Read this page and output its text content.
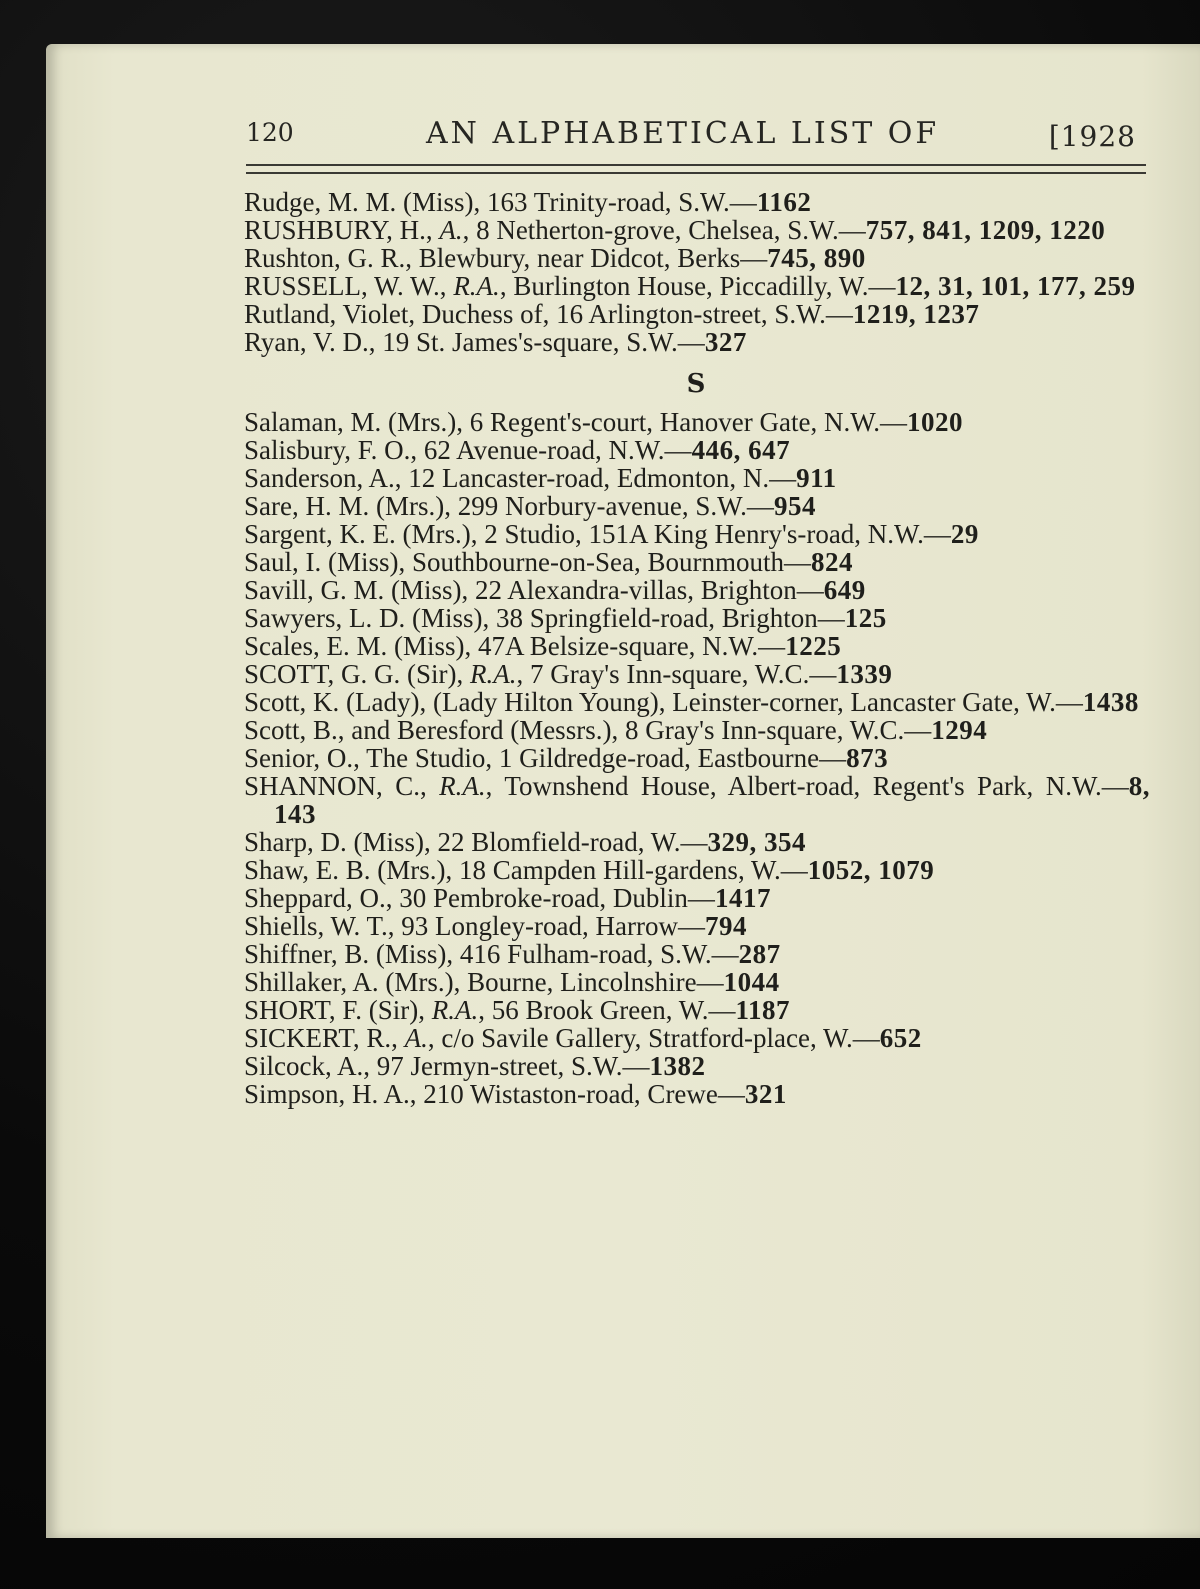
120	AN ALPHABETICAL LIST OF	[1928

Rudge, M. M. (Miss), 163 Trinity-road, S.W.—1162

RUSHBURY, H., A., 8 Netherton-grove, Chelsea, S.W.—757, 841, 1209, 1220

Rushton, G. R., Blewbury, near Didcot, Berks—745, 890

RUSSELL, W. W., R.A., Burlington House, Piccadilly, W.—12, 31, 101, 177, 259

Rutland, Violet, Duchess of, 16 Arlington-street, S.W.—1219, 1237

Ryan, V. D., 19 St. James's-square, S.W.—327

S

Salaman, M. (Mrs.), 6 Regent's-court, Hanover Gate, N.W.—1020

Salisbury, F. O., 62 Avenue-road, N.W.—446, 647

Sanderson, A., 12 Lancaster-road, Edmonton, N.—911

Sare, H. M. (Mrs.), 299 Norbury-avenue, S.W.—954

Sargent, K. E. (Mrs.), 2 Studio, 151A King Henry's-road, N.W.—29

Saul, I. (Miss), Southbourne-on-Sea, Bournmouth—824

Savill, G. M. (Miss), 22 Alexandra-villas, Brighton—649

Sawyers, L. D. (Miss), 38 Springfield-road, Brighton—125

Scales, E. M. (Miss), 47A Belsize-square, N.W.—1225

SCOTT, G. G. (Sir), R.A., 7 Gray's Inn-square, W.C.—1339

Scott, K. (Lady), (Lady Hilton Young), Leinster-corner, Lancaster Gate, W.—1438

Scott, B., and Beresford (Messrs.), 8 Gray's Inn-square, W.C.—1294

Senior, O., The Studio, 1 Gildredge-road, Eastbourne—873

SHANNON, C., R.A., Townshend House, Albert-road, Regent's Park, N.W.—8, 143

Sharp, D. (Miss), 22 Blomfield-road, W.—329, 354

Shaw, E. B. (Mrs.), 18 Campden Hill-gardens, W.—1052, 1079

Sheppard, O., 30 Pembroke-road, Dublin—1417

Shiells, W. T., 93 Longley-road, Harrow—794

Shiffner, B. (Miss), 416 Fulham-road, S.W.—287

Shillaker, A. (Mrs.), Bourne, Lincolnshire—1044

SHORT, F. (Sir), R.A., 56 Brook Green, W.—1187

SICKERT, R., A., c/o Savile Gallery, Stratford-place, W.—652

Silcock, A., 97 Jermyn-street, S.W.—1382

Simpson, H. A., 210 Wistaston-road, Crewe—321
